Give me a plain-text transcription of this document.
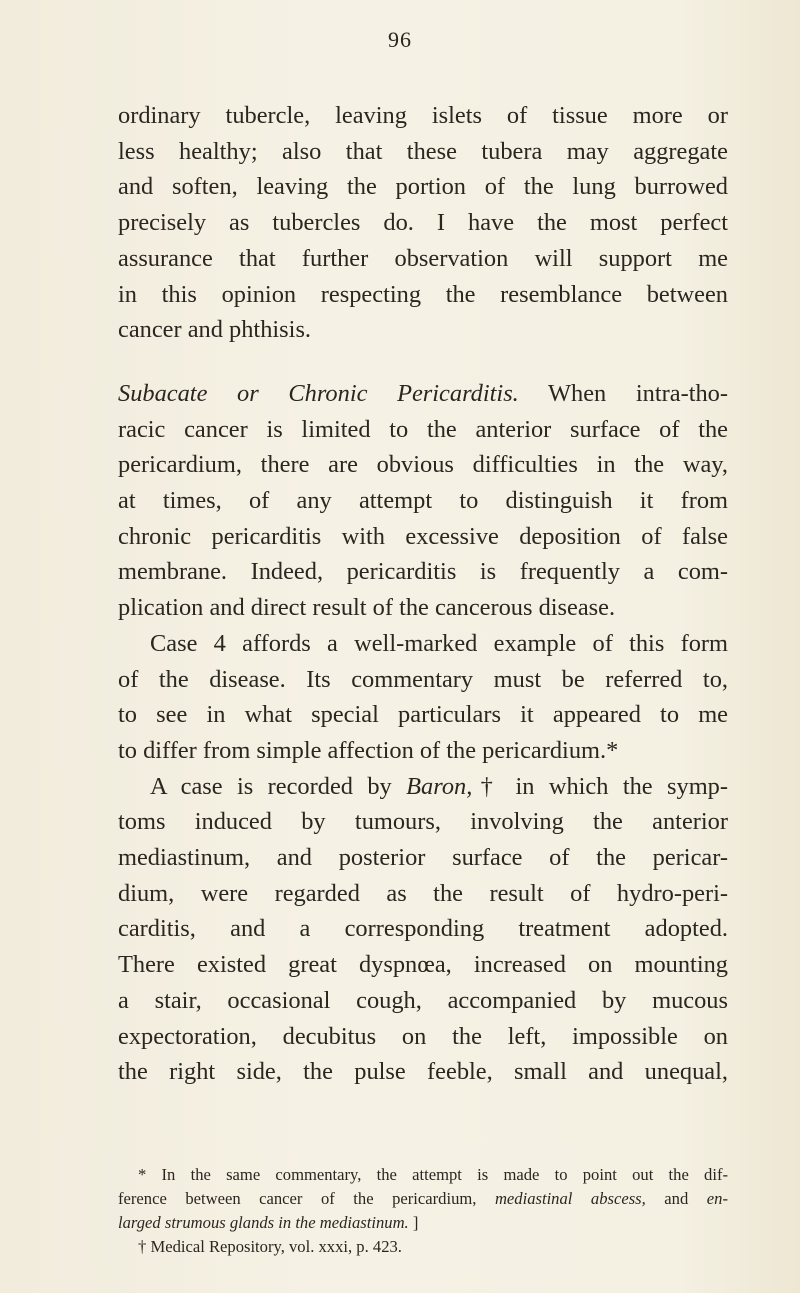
96
ordinary tubercle, leaving islets of tissue more or
less healthy; also that these tubera may aggregate
and soften, leaving the portion of the lung burrowed
precisely as tubercles do. I have the most perfect
assurance that further observation will support me
in this opinion respecting the resemblance between
cancer and phthisis.
Subacate or Chronic Pericarditis. When intra-tho-
racic cancer is limited to the anterior surface of the
pericardium, there are obvious difficulties in the way,
at times, of any attempt to distinguish it from
chronic pericarditis with excessive deposition of false
membrane. Indeed, pericarditis is frequently a com-
plication and direct result of the cancerous disease.
Case 4 affords a well-marked example of this form
of the disease. Its commentary must be referred to,
to see in what special particulars it appeared to me
to differ from simple affection of the pericardium.*
A case is recorded by Baron,† in which the symp-
toms induced by tumours, involving the anterior
mediastinum, and posterior surface of the pericar-
dium, were regarded as the result of hydro-peri-
carditis, and a corresponding treatment adopted.
There existed great dyspnœa, increased on mounting
a stair, occasional cough, accompanied by mucous
expectoration, decubitus on the left, impossible on
the right side, the pulse feeble, small and unequal,
* In the same commentary, the attempt is made to point out the dif-
ference between cancer of the pericardium, mediastinal abscess, and en-
larged strumous glands in the mediastinum. ]
† Medical Repository, vol. xxxi, p. 423.
